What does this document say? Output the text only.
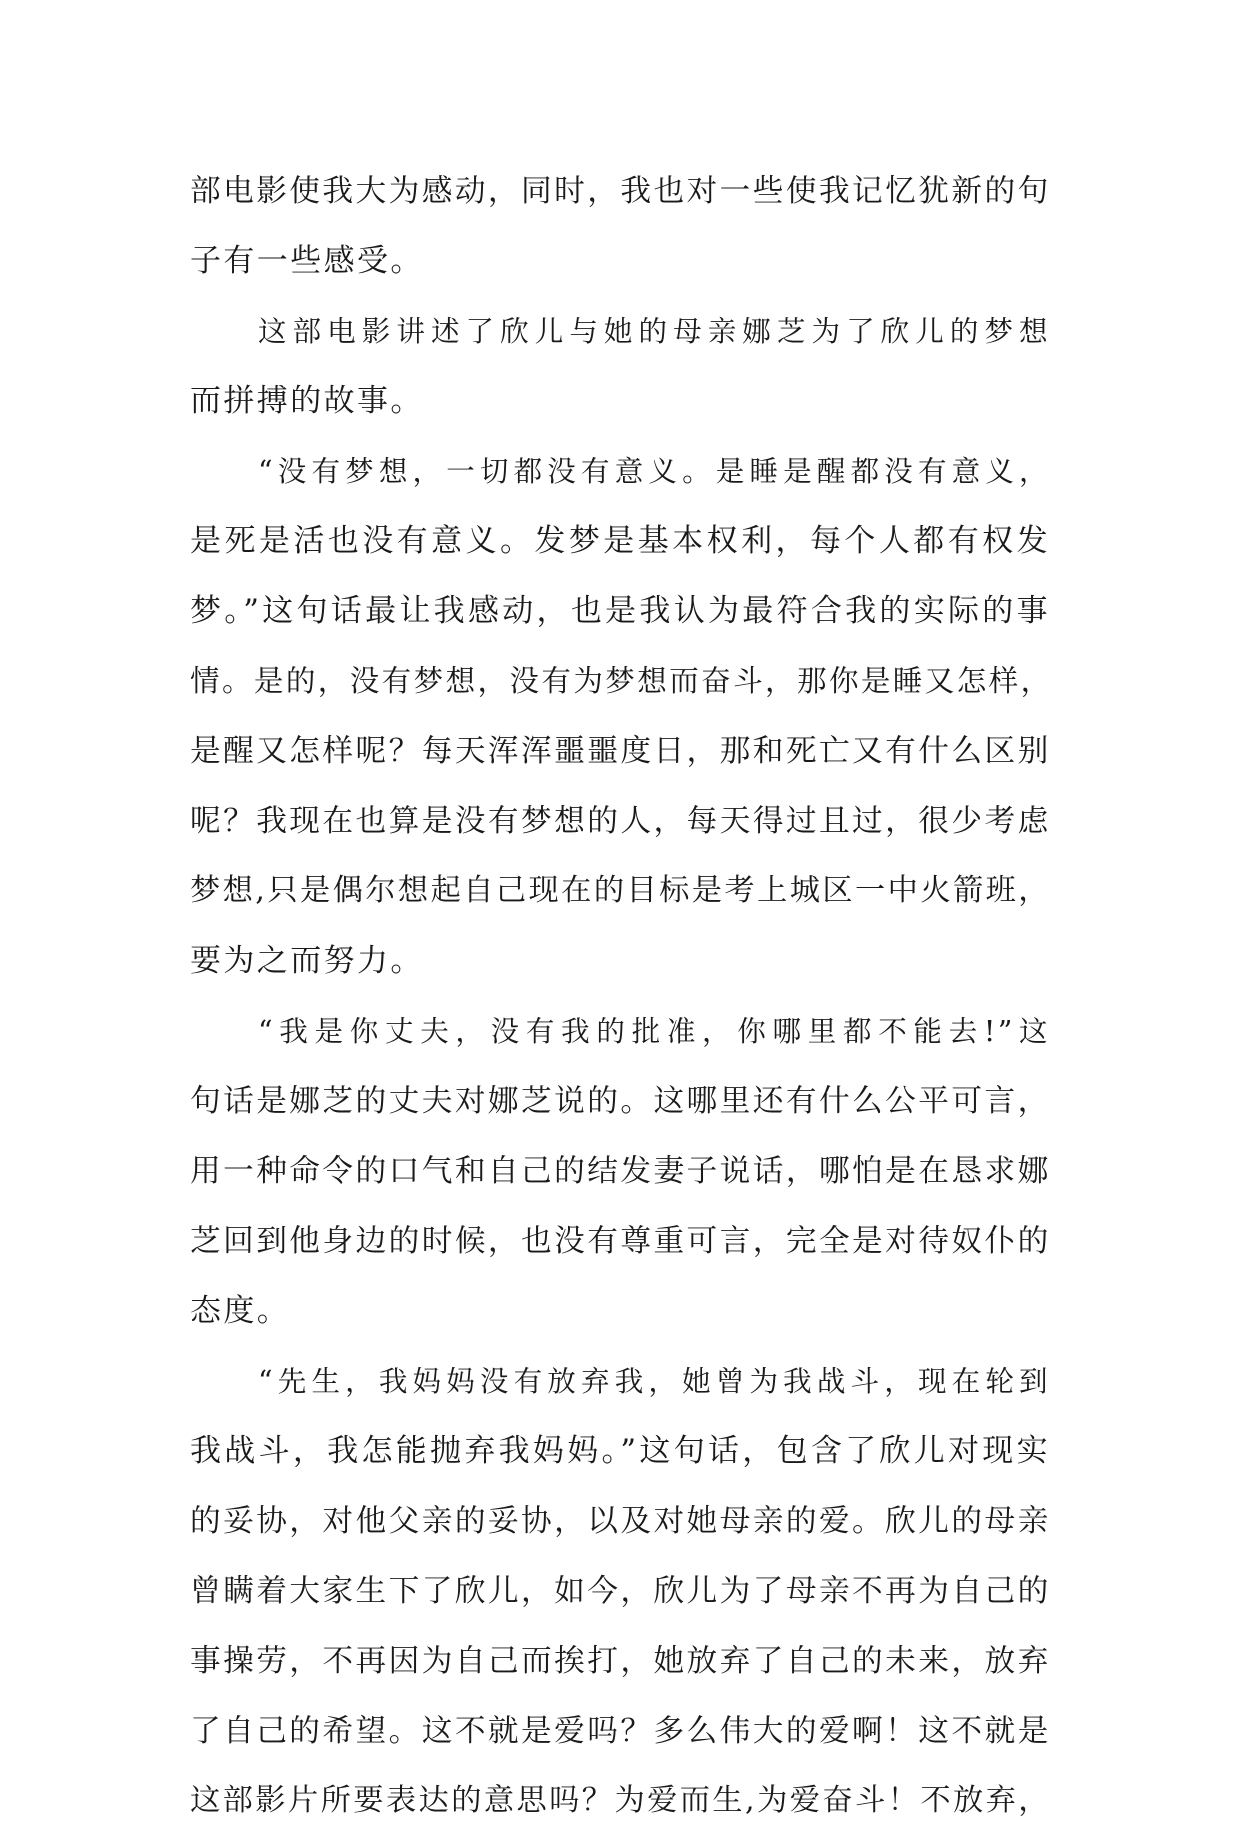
部电影使我大为感动，同时，我也对一些使我记忆犹新的句
子有一些感受。
这部电影讲述了欣儿与她的母亲娜芝为了欣儿的梦想
而拼搏的故事。
“没有梦想，一切都没有意义。是睡是醒都没有意义，
是死是活也没有意义。发梦是基本权利，每个人都有权发
梦。”这句话最让我感动，也是我认为最符合我的实际的事
情。是的，没有梦想，没有为梦想而奋斗，那你是睡又怎样，
是醒又怎样呢？每天浑浑噩噩度日，那和死亡又有什么区别
呢？我现在也算是没有梦想的人，每天得过且过，很少考虑
梦想,只是偶尔想起自己现在的目标是考上城区一中火箭班，
要为之而努力。
“我是你丈夫，没有我的批准，你哪里都不能去!”这
句话是娜芝的丈夫对娜芝说的。这哪里还有什么公平可言，
用一种命令的口气和自己的结发妻子说话，哪怕是在恳求娜
芝回到他身边的时候，也没有尊重可言，完全是对待奴仆的
态度。
“先生，我妈妈没有放弃我，她曾为我战斗，现在轮到
我战斗，我怎能抛弃我妈妈。”这句话，包含了欣儿对现实
的妥协，对他父亲的妥协，以及对她母亲的爱。欣儿的母亲
曾瞒着大家生下了欣儿，如今，欣儿为了母亲不再为自己的
事操劳，不再因为自己而挨打，她放弃了自己的未来，放弃
了自己的希望。这不就是爱吗？多么伟大的爱啊！这不就是
这部影片所要表达的意思吗？为爱而生,为爱奋斗！不放弃，
